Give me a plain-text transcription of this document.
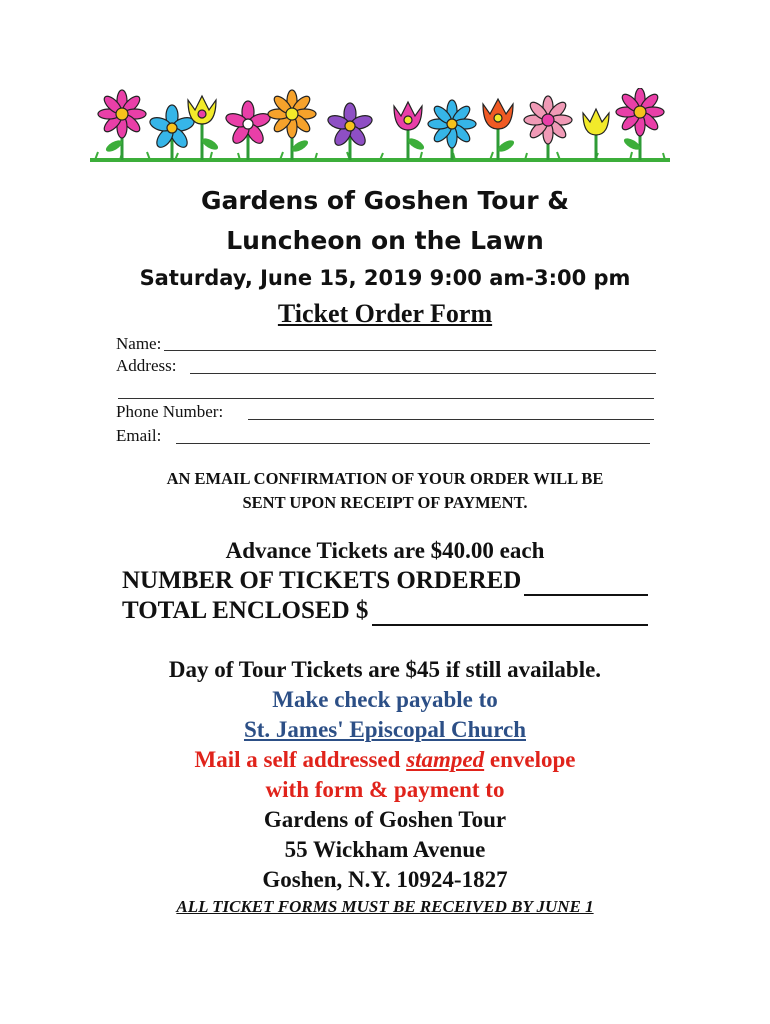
Gardens of Goshen Tour &
Luncheon on the Lawn
Saturday, June 15, 2019 9:00 am-3:00 pm
Ticket Order Form
Name:
Address:
Phone Number:
Email:
AN EMAIL CONFIRMATION OF YOUR ORDER WILL BE
SENT UPON RECEIPT OF PAYMENT.
Advance Tickets are $40.00 each
NUMBER OF TICKETS ORDERED
TOTAL ENCLOSED $
Day of Tour Tickets are $45 if still available.
Make check payable to
St. James' Episcopal Church
Mail a self addressed stamped envelope
with form & payment to
Gardens of Goshen Tour
55 Wickham Avenue
Goshen, N.Y. 10924-1827
ALL TICKET FORMS MUST BE RECEIVED BY JUNE 1
